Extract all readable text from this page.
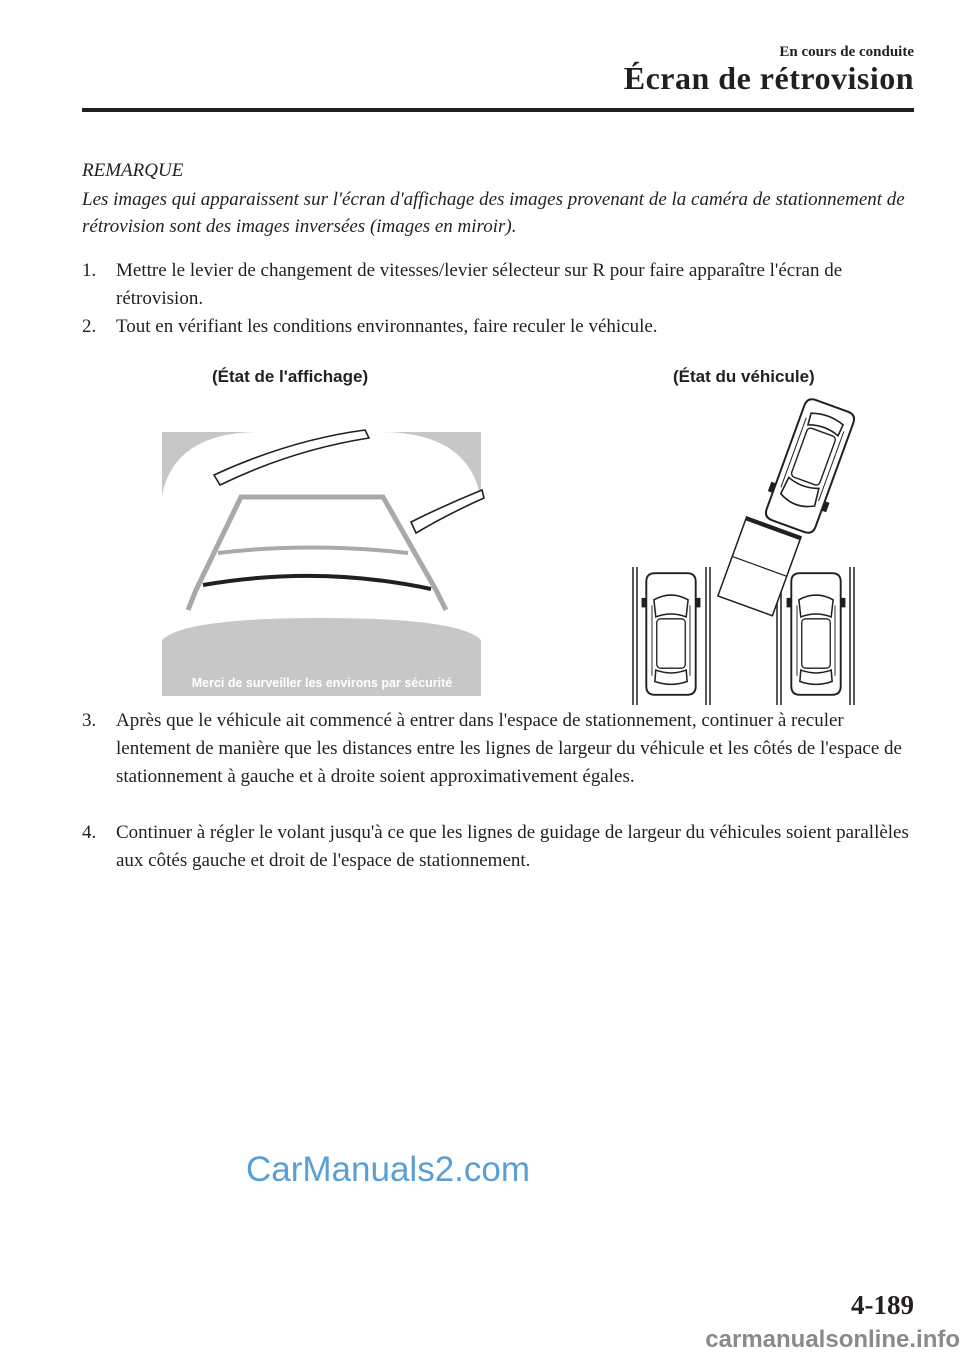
En cours de conduite
Écran de rétrovision
REMARQUE
Les images qui apparaissent sur l'écran d'affichage des images provenant de la caméra de stationnement de rétrovision sont des images inversées (images en miroir).
1. Mettre le levier de changement de vitesses/levier sélecteur sur R pour faire apparaître l'écran de rétrovision.
2. Tout en vérifiant les conditions environnantes, faire reculer le véhicule.
(État de l'affichage)	(État du véhicule)
Merci de surveiller les environs par sécurité
3. Après que le véhicule ait commencé à entrer dans l'espace de stationnement, continuer à reculer lentement de manière que les distances entre les lignes de largeur du véhicule et les côtés de l'espace de stationnement à gauche et à droite soient approximativement égales.
4. Continuer à régler le volant jusqu'à ce que les lignes de guidage de largeur du véhicules soient parallèles aux côtés gauche et droit de l'espace de stationnement.
CarManuals2.com
4-189
carmanualsonline.info
